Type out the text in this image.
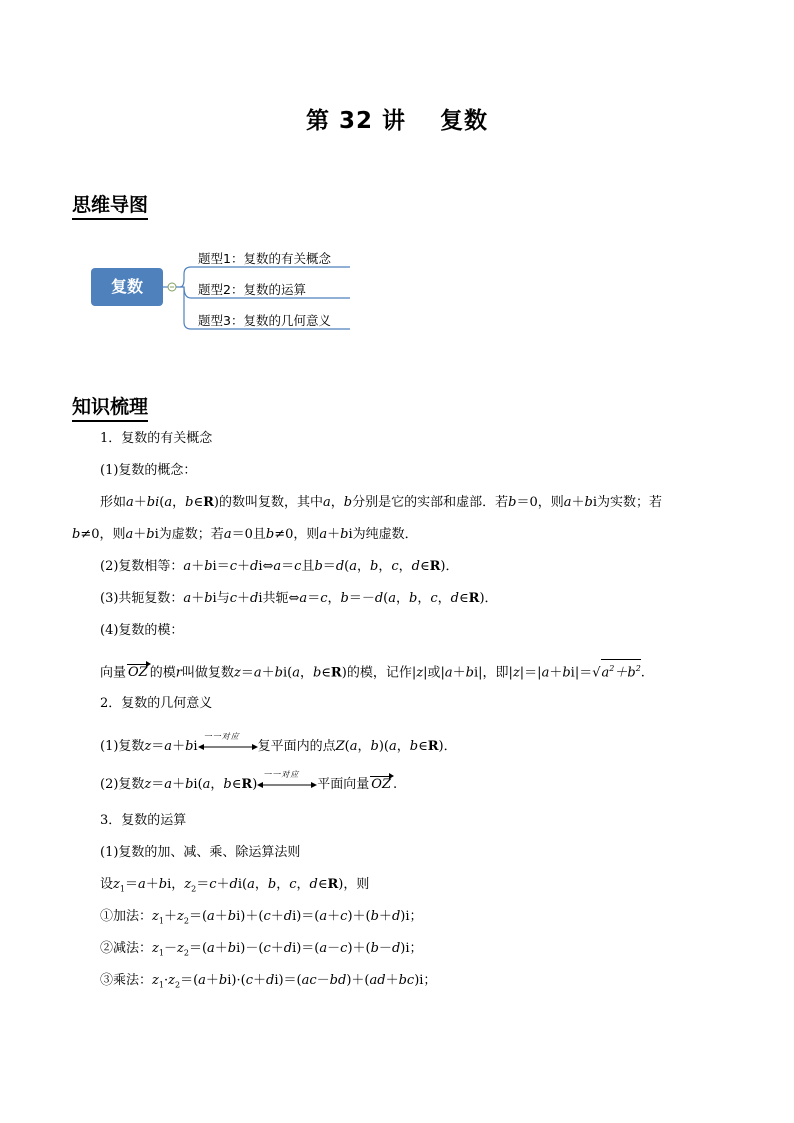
第 32 讲 复数
思维导图
复数
题型1：复数的有关概念
题型2：复数的运算
题型3：复数的几何意义
知识梳理
1．复数的有关概念
(1)复数的概念：
形如a＋bi(a，b∈R)的数叫复数，其中a，b分别是它的实部和虚部．若b＝0，则a＋bi为实数；若
b≠0，则a＋bi为虚数；若a＝0且b≠0，则a＋bi为纯虚数．
(2)复数相等：a＋bi＝c＋di⇔a＝c且b＝d(a，b，c，d∈R)．
(3)共轭复数：a＋bi与c＋di共轭⇔a＝c，b＝－d(a，b，c，d∈R)．
(4)复数的模：
向量 OZ 的模r叫做复数z＝a＋bi(a，b∈R)的模，记作|z|或|a＋bi|，即$|z|=|a+bi|=√a^2+b^2$.
2．复数的几何意义
(1)复数z＝a＋bi
一一对应
复平面内的点Z(a，b)(a，b∈R)．
(2)复数z＝a＋bi(a，b∈R)
一一对应
平面向量 OZ .
3．复数的运算
(1)复数的加、减、乘、除运算法则
设$z_1=a+bi$，$z_2=c+di(a$，b，c，d∈R)，则
①加法：$z_1+z_2=(a+bi)+(c+di)=(a+c)+(b+d)i$；
②减法：$z_1-z_2=(a+bi)-(c+di)=(a-c)+(b-d)i$；
③乘法：$z_1\cdot z_2=(a+bi)\cdot(c+di)=(ac-bd)+(ad+bc)i$；
